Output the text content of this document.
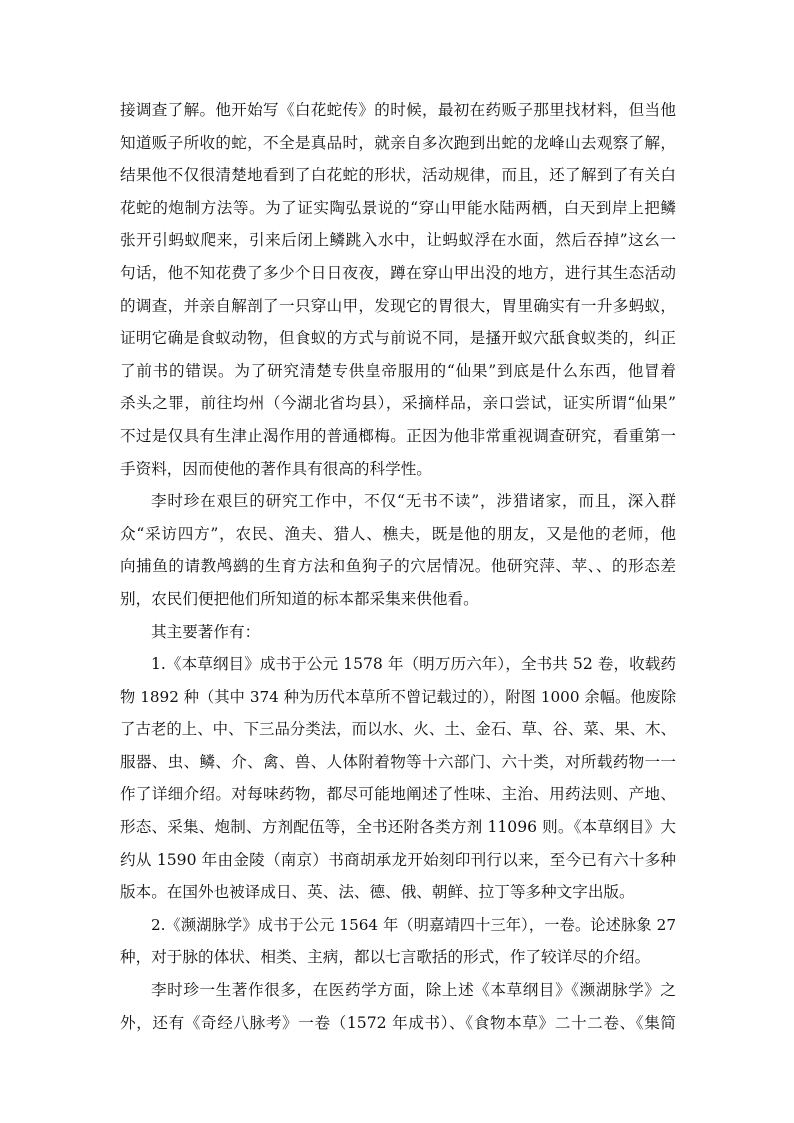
接调查了解。他开始写《白花蛇传》的时候，最初在药贩子那里找材料，但当他
知道贩子所收的蛇，不全是真品时，就亲自多次跑到出蛇的龙峰山去观察了解，
结果他不仅很清楚地看到了白花蛇的形状，活动规律，而且，还了解到了有关白
花蛇的炮制方法等。为了证实陶弘景说的“穿山甲能水陆两栖，白天到岸上把鳞
张开引蚂蚁爬来，引来后闭上鳞跳入水中，让蚂蚁浮在水面，然后吞掉”这幺一
句话，他不知花费了多少个日日夜夜，蹲在穿山甲出没的地方，进行其生态活动
的调查，并亲自解剖了一只穿山甲，发现它的胃很大，胃里确实有一升多蚂蚁，
证明它确是食蚁动物，但食蚁的方式与前说不同，是搔开蚁穴舐食蚁类的，纠正
了前书的错误。为了研究清楚专供皇帝服用的“仙果”到底是什么东西，他冒着
杀头之罪，前往均州（今湖北省均县），采摘样品，亲口尝试，证实所谓“仙果”
不过是仅具有生津止渴作用的普通榔梅。正因为他非常重视调查研究，看重第一
手资料，因而使他的著作具有很高的科学性。
李时珍在艰巨的研究工作中，不仅“无书不读”，涉猎诸家，而且，深入群
众“采访四方”，农民、渔夫、猎人、樵夫，既是他的朋友，又是他的老师，他
向捕鱼的请教鸬鹚的生育方法和鱼狗子的穴居情况。他研究萍、苹、、的形态差
别，农民们便把他们所知道的标本都采集来供他看。
其主要著作有：
1.《本草纲目》成书于公元 1578 年（明万历六年），全书共 52 卷，收载药
物 1892 种（其中 374 种为历代本草所不曾记载过的），附图 1000 余幅。他废除
了古老的上、中、下三品分类法，而以水、火、土、金石、草、谷、菜、果、木、
服器、虫、鳞、介、禽、兽、人体附着物等十六部门、六十类，对所载药物一一
作了详细介绍。对每味药物，都尽可能地阐述了性味、主治、用药法则、产地、
形态、采集、炮制、方剂配伍等，全书还附各类方剂 11096 则。《本草纲目》大
约从 1590 年由金陵（南京）书商胡承龙开始刻印刊行以来，至今已有六十多种
版本。在国外也被译成日、英、法、德、俄、朝鲜、拉丁等多种文字出版。
2.《濒湖脉学》成书于公元 1564 年（明嘉靖四十三年），一卷。论述脉象 27
种，对于脉的体状、相类、主病，都以七言歌括的形式，作了较详尽的介绍。
李时珍一生著作很多，在医药学方面，除上述《本草纲目》《濒湖脉学》之
外，还有《奇经八脉考》一卷（1572 年成书）、《食物本草》二十二卷、《集简
